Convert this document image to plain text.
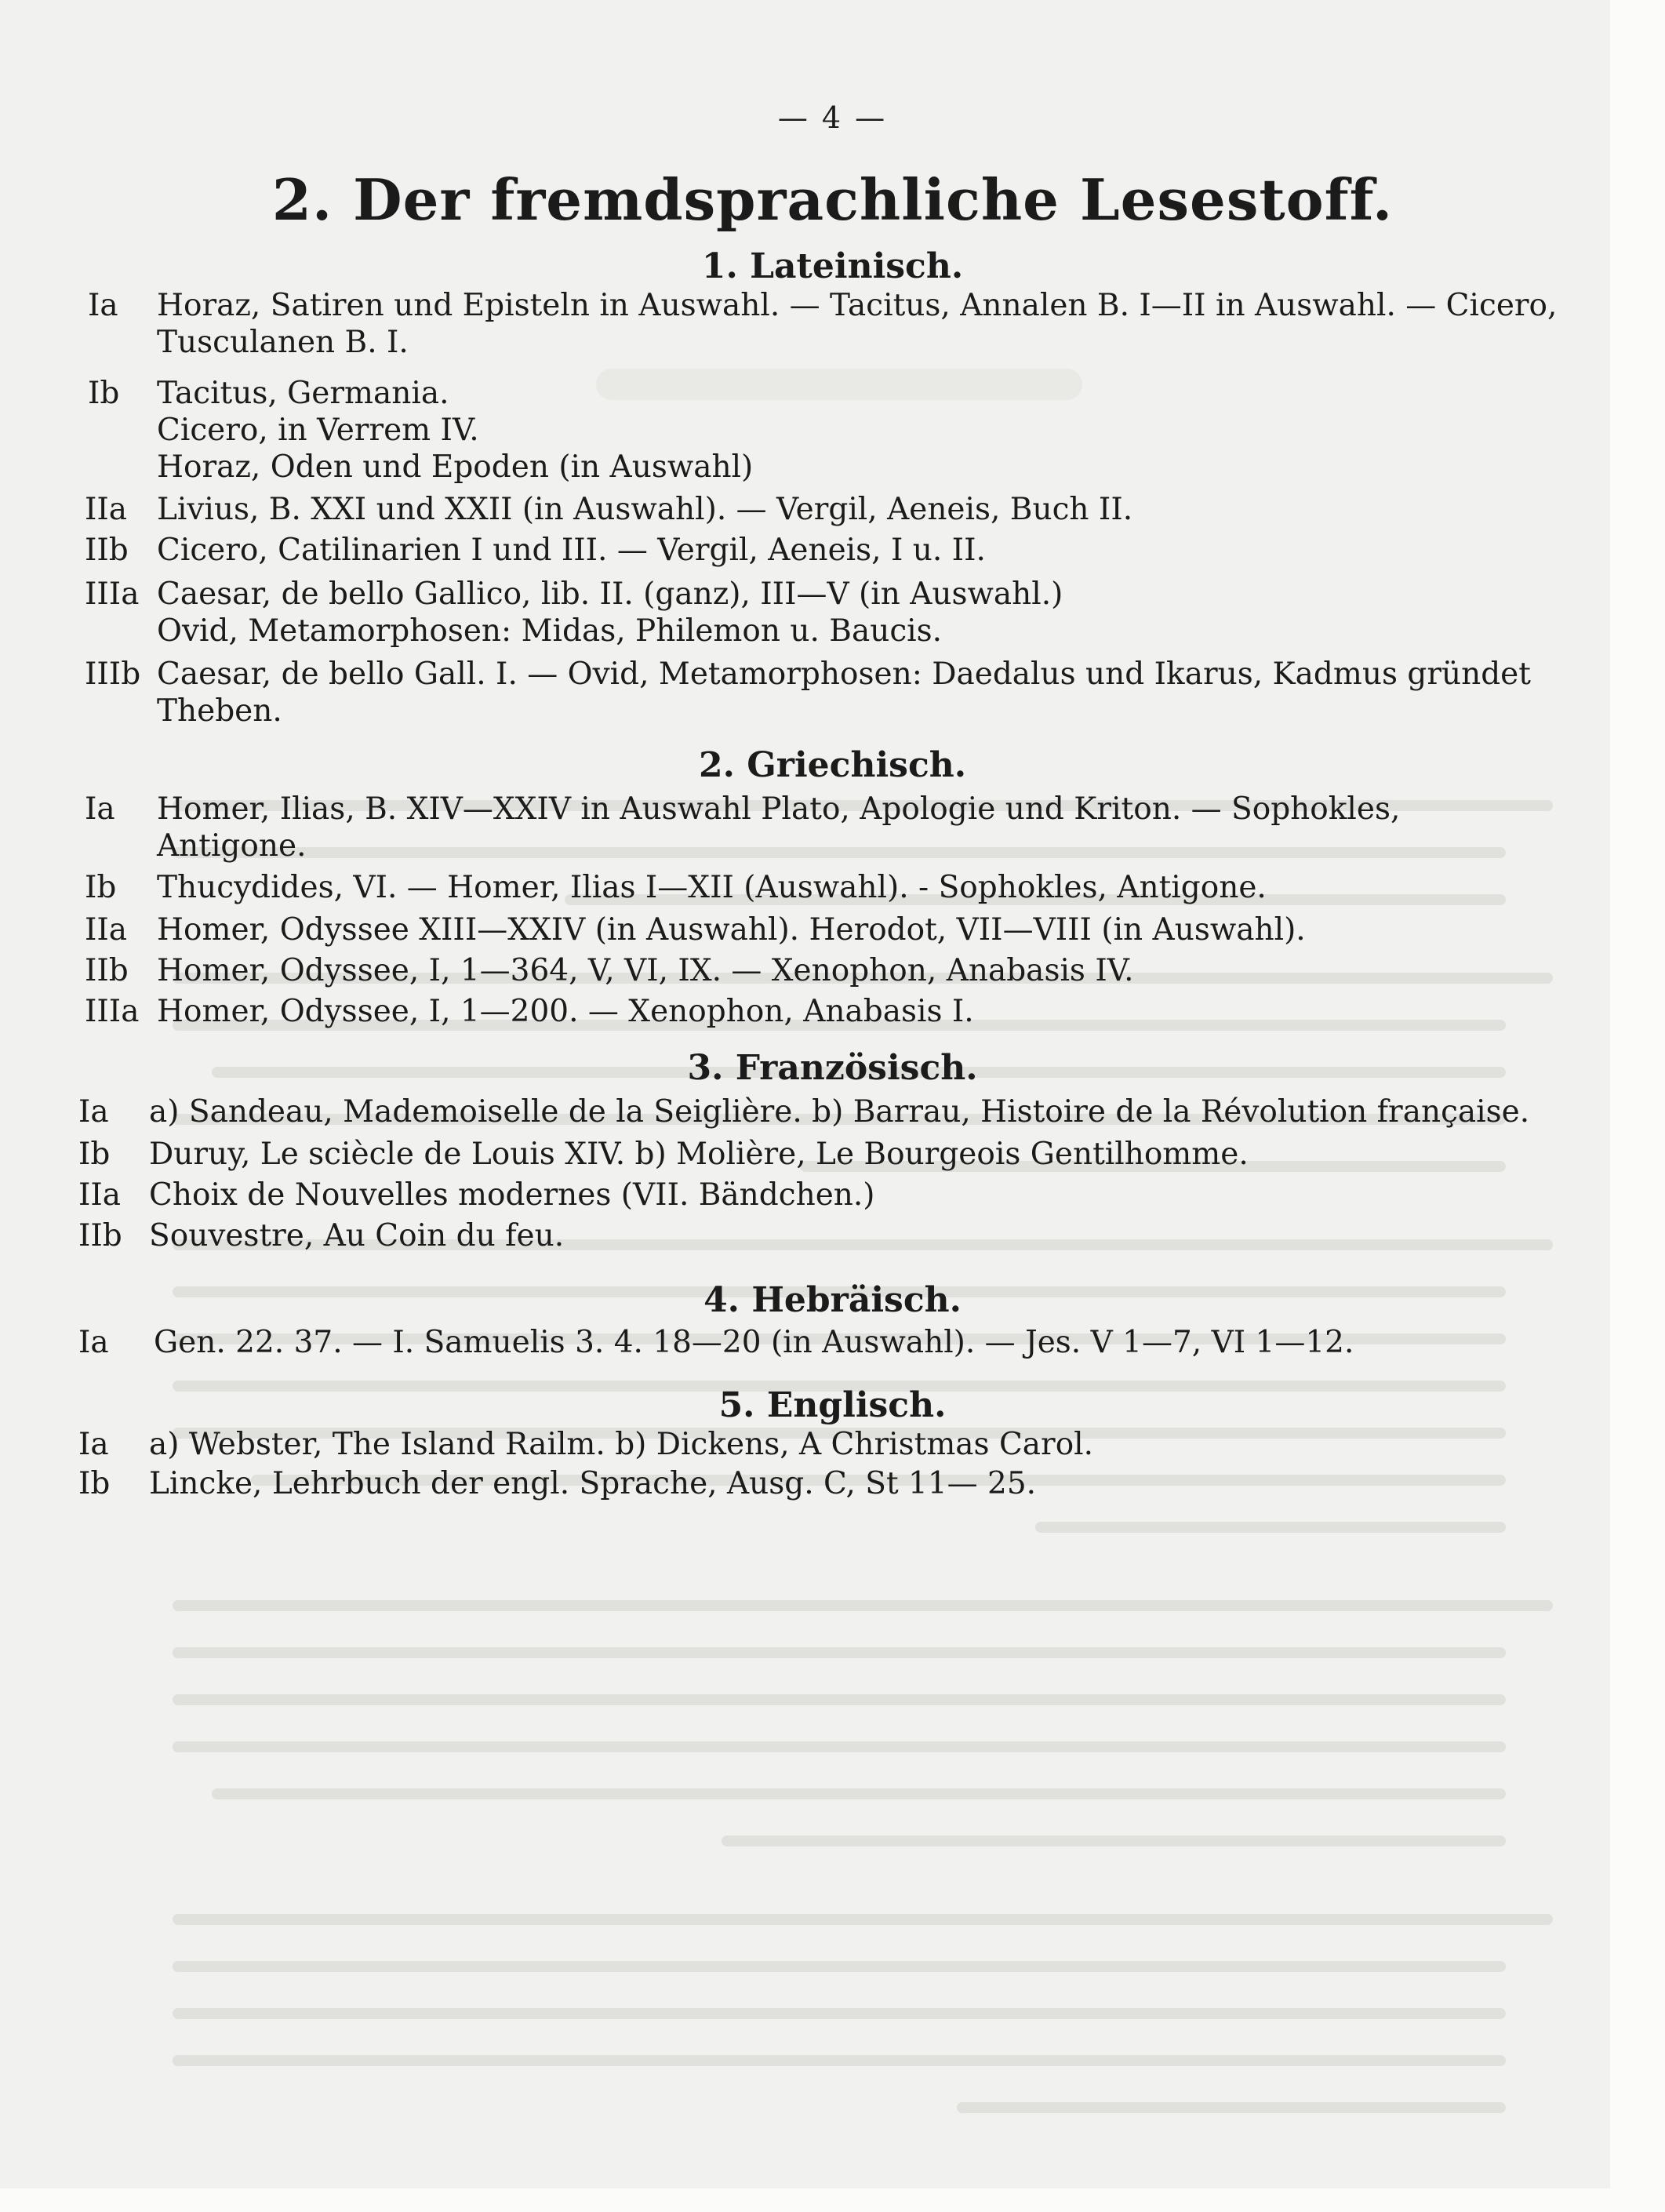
— 4 —
2. Der fremdsprachliche Lesestoff.
1. Lateinisch.
Ia Horaz, Satiren und Episteln in Auswahl. — Tacitus, Annalen B. I—II in Auswahl. — Cicero,
Tusculanen B. I.
Ib Tacitus, Germania.
Cicero, in Verrem IV.
Horaz, Oden und Epoden (in Auswahl)
IIa Livius, B. XXI und XXII (in Auswahl). — Vergil, Aeneis, Buch II.
IIb Cicero, Catilinarien I und III. — Vergil, Aeneis, I u. II.
IIIa Caesar, de bello Gallico, lib. II. (ganz), III—V (in Auswahl.)
Ovid, Metamorphosen: Midas, Philemon u. Baucis.
IIIb Caesar, de bello Gall. I. — Ovid, Metamorphosen: Daedalus und Ikarus, Kadmus gründet
Theben.
2. Griechisch.
Ia Homer, Ilias, B. XIV—XXIV in Auswahl Plato, Apologie und Kriton. — Sophokles,
Antigone.
Ib Thucydides, VI. — Homer, Ilias I—XII (Auswahl). - Sophokles, Antigone.
IIa Homer, Odyssee XIII—XXIV (in Auswahl). Herodot, VII—VIII (in Auswahl).
IIb Homer, Odyssee, I, 1—364, V, VI, IX. — Xenophon, Anabasis IV.
IIIa Homer, Odyssee, I, 1—200. — Xenophon, Anabasis I.
3. Französisch.
Ia a) Sandeau, Mademoiselle de la Seiglière. b) Barrau, Histoire de la Révolution française.
Ib Duruy, Le sciècle de Louis XIV. b) Molière, Le Bourgeois Gentilhomme.
IIa Choix de Nouvelles modernes (VII. Bändchen.)
IIb Souvestre, Au Coin du feu.
4. Hebräisch.
Ia Gen. 22. 37. — I. Samuelis 3. 4. 18—20 (in Auswahl). — Jes. V 1—7, VI 1—12.
5. Englisch.
Ia a) Webster, The Island Railm. b) Dickens, A Christmas Carol.
Ib Lincke, Lehrbuch der engl. Sprache, Ausg. C, St 11— 25.
